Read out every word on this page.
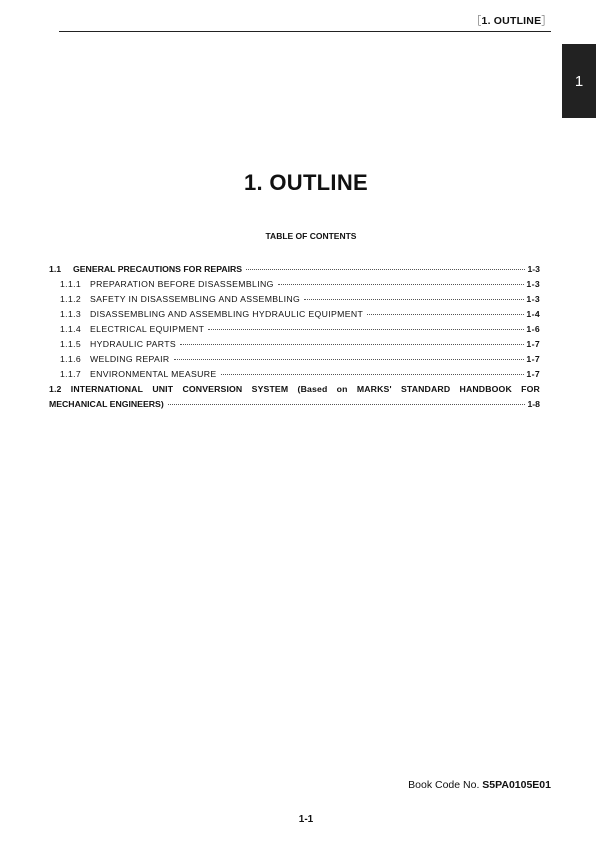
［1. OUTLINE］
1
1. OUTLINE
TABLE OF CONTENTS
1.1	GENERAL PRECAUTIONS FOR REPAIRS	1-3
1.1.1	PREPARATION BEFORE DISASSEMBLING	1-3
1.1.2	SAFETY IN DISASSEMBLING AND ASSEMBLING	1-3
1.1.3	DISASSEMBLING AND ASSEMBLING HYDRAULIC EQUIPMENT	1-4
1.1.4	ELECTRICAL EQUIPMENT	1-6
1.1.5	HYDRAULIC PARTS	1-7
1.1.6	WELDING REPAIR	1-7
1.1.7	ENVIRONMENTAL MEASURE	1-7
1.2 INTERNATIONAL UNIT CONVERSION SYSTEM (Based on MARKS' STANDARD HANDBOOK FOR
MECHANICAL ENGINEERS)	1-8
Book Code No. S5PA0105E01
1-1
